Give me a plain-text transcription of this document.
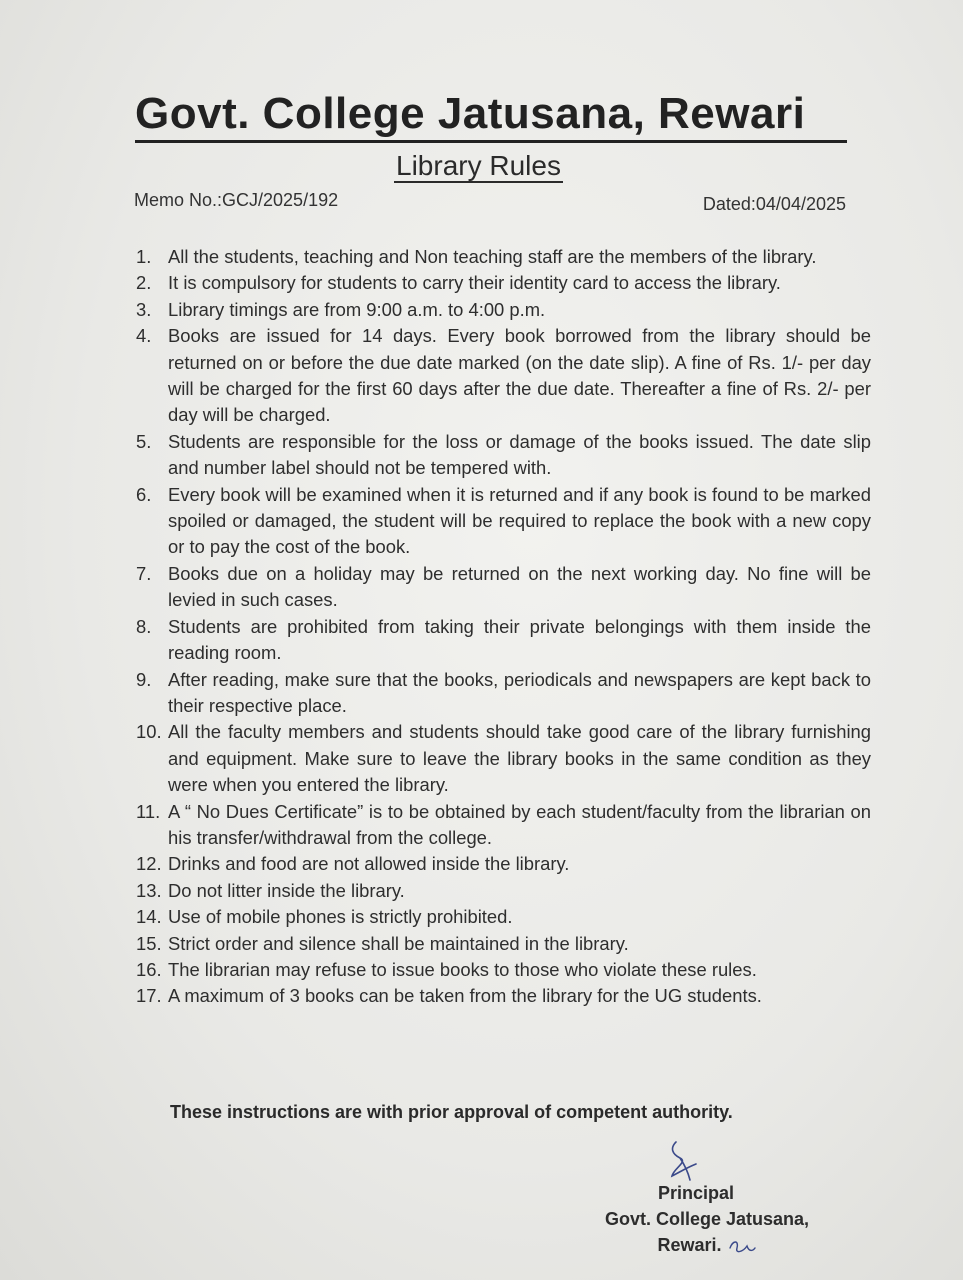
Govt. College Jatusana, Rewari
Library Rules
Memo No.:GCJ/2025/192	Dated:04/04/2025
1. All the students, teaching and Non teaching staff are the members of the library.
2. It is compulsory for students to carry their identity card to access the library.
3. Library timings are from 9:00 a.m. to 4:00 p.m.
4. Books are issued for 14 days. Every book borrowed from the library should be returned on or before the due date marked (on the date slip). A fine of Rs. 1/- per day will be charged for the first 60 days after the due date. Thereafter a fine of Rs. 2/- per day will be charged.
5. Students are responsible for the loss or damage of the books issued. The date slip and number label should not be tempered with.
6. Every book will be examined when it is returned and if any book is found to be marked spoiled or damaged, the student will be required to replace the book with a new copy or to pay the cost of the book.
7. Books due on a holiday may be returned on the next working day. No fine will be levied in such cases.
8. Students are prohibited from taking their private belongings with them inside the reading room.
9. After reading, make sure that the books, periodicals and newspapers are kept back to their respective place.
10. All the faculty members and students should take good care of the library furnishing and equipment. Make sure to leave the library books in the same condition as they were when you entered the library.
11. A “ No Dues Certificate” is to be obtained by each student/faculty from the librarian on his transfer/withdrawal from the college.
12. Drinks and food are not allowed inside the library.
13. Do not litter inside the library.
14. Use of mobile phones is strictly prohibited.
15. Strict order and silence shall be maintained in the library.
16. The librarian may refuse to issue books to those who violate these rules.
17. A maximum of 3 books can be taken from the library for the UG students.
These instructions are with prior approval of competent authority.
Principal
Govt. College Jatusana,
Rewari.
